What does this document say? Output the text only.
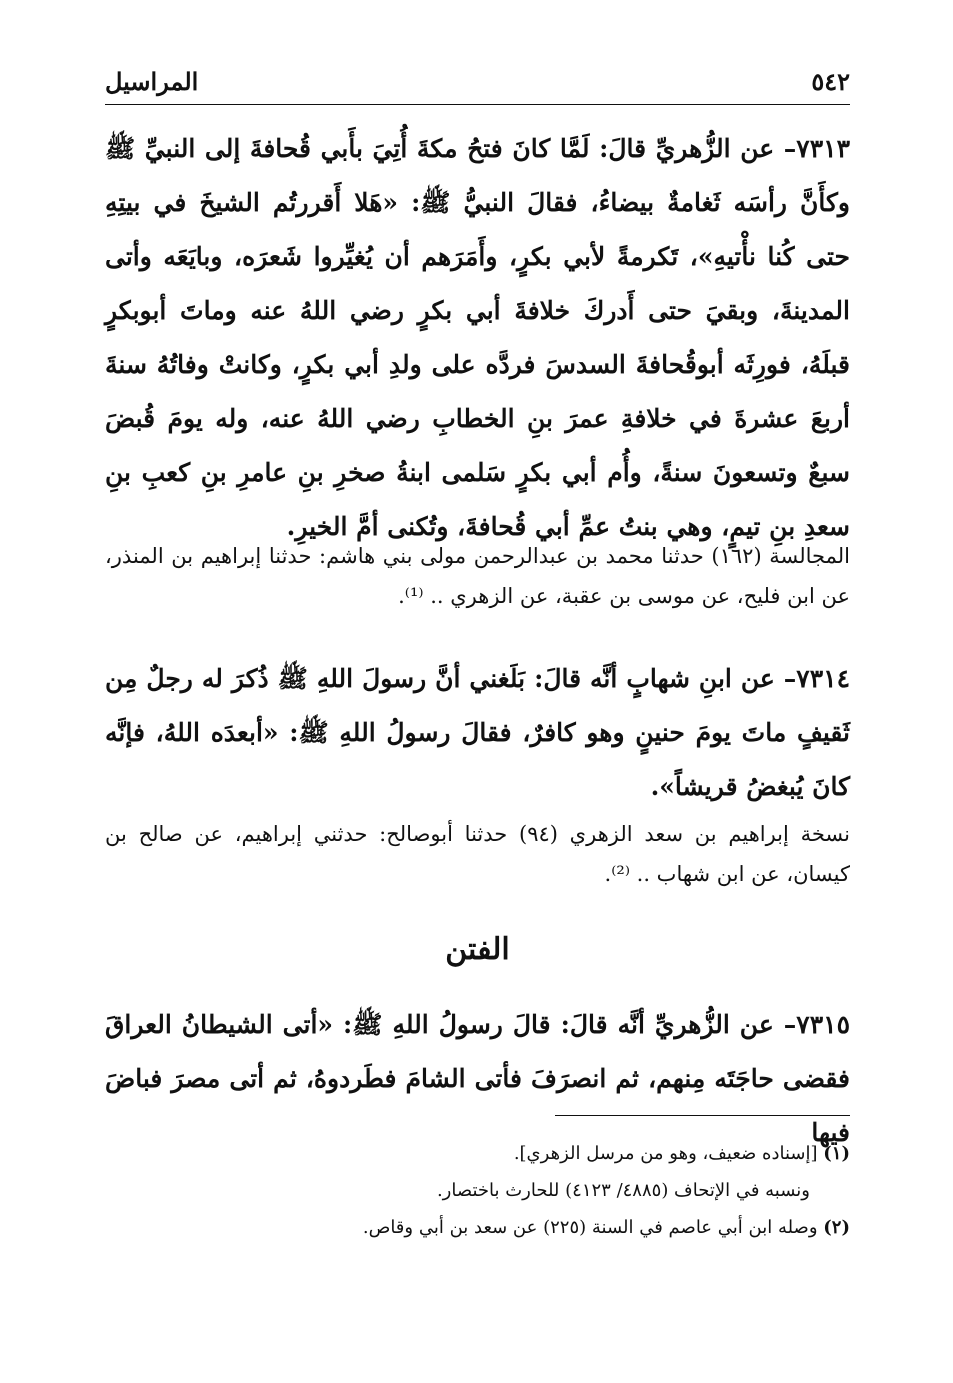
٥٤٢
المراسيل
٧٣١٣– عن الزُّهريِّ قالَ: لَمَّا كانَ فتحُ مكةَ أُتِيَ بأَبي قُحافةَ إلى النبيِّ ﷺ وكأَنَّ رأسَه ثَغامةٌ بيضاءُ، فقالَ النبيُّ ﷺ: «هَلا أَقررتُم الشيخَ في بيتِهِ حتى كُنا نأْتيهِ»، تَكرمةً لأبي بكرٍ، وأَمَرَهم أن يُغيِّروا شَعرَه، وبايَعَه وأتى المدينةَ، وبقيَ حتى أَدركَ خلافةَ أبي بكرٍ رضي اللهُ عنه وماتَ أبوبكرٍ قبلَهُ، فورِثَه أبوقُحافةَ السدسَ فردَّه على ولدِ أبي بكرٍ، وكانتْ وفاتُهُ سنةَ أربعَ عشرةَ في خلافةِ عمرَ بنِ الخطابِ رضي اللهُ عنه، وله يومَ قُبضَ سبعٌ وتسعونَ سنةً، وأُم أبي بكرٍ سَلمى ابنةُ صخرِ بنِ عامرِ بنِ كعبِ بنِ سعدِ بنِ تيمٍ، وهي بنتُ عمِّ أبي قُحافةَ، وتُكنى أمَّ الخيرِ.
المجالسة (١٦٢) حدثنا محمد بن عبدالرحمن مولى بني هاشم: حدثنا إبراهيم بن المنذر، عن ابن فليح، عن موسى بن عقبة، عن الزهري .. ⁽¹⁾.
٧٣١٤– عن ابنِ شهابٍ أنَّه قالَ: بَلَغني أنَّ رسولَ اللهِ ﷺ ذُكرَ له رجلٌ مِن ثَقيفٍ ماتَ يومَ حنينٍ وهو كافرٌ، فقالَ رسولُ اللهِ ﷺ: «أبعدَه اللهُ، فإنَّه كانَ يُبغضُ قريشاً».
نسخة إبراهيم بن سعد الزهري (٩٤) حدثنا أبوصالح: حدثني إبراهيم، عن صالح بن كيسان، عن ابن شهاب .. ⁽²⁾.
الفتن
٧٣١٥– عن الزُّهريِّ أنَّه قالَ: قالَ رسولُ اللهِ ﷺ: «أتى الشيطانُ العراقَ فقضى حاجَتَه مِنهم، ثم انصرَفَ فأتى الشامَ فطَردوهُ، ثم أتى مصرَ فباضَ فيها
(١) [إسناده ضعيف، وهو من مرسل الزهري].
ونسبه في الإتحاف (٤٨٨٥/ ٤١٢٣) للحارث باختصار.
(٢) وصله ابن أبي عاصم في السنة (٢٢٥) عن سعد بن أبي وقاص.
